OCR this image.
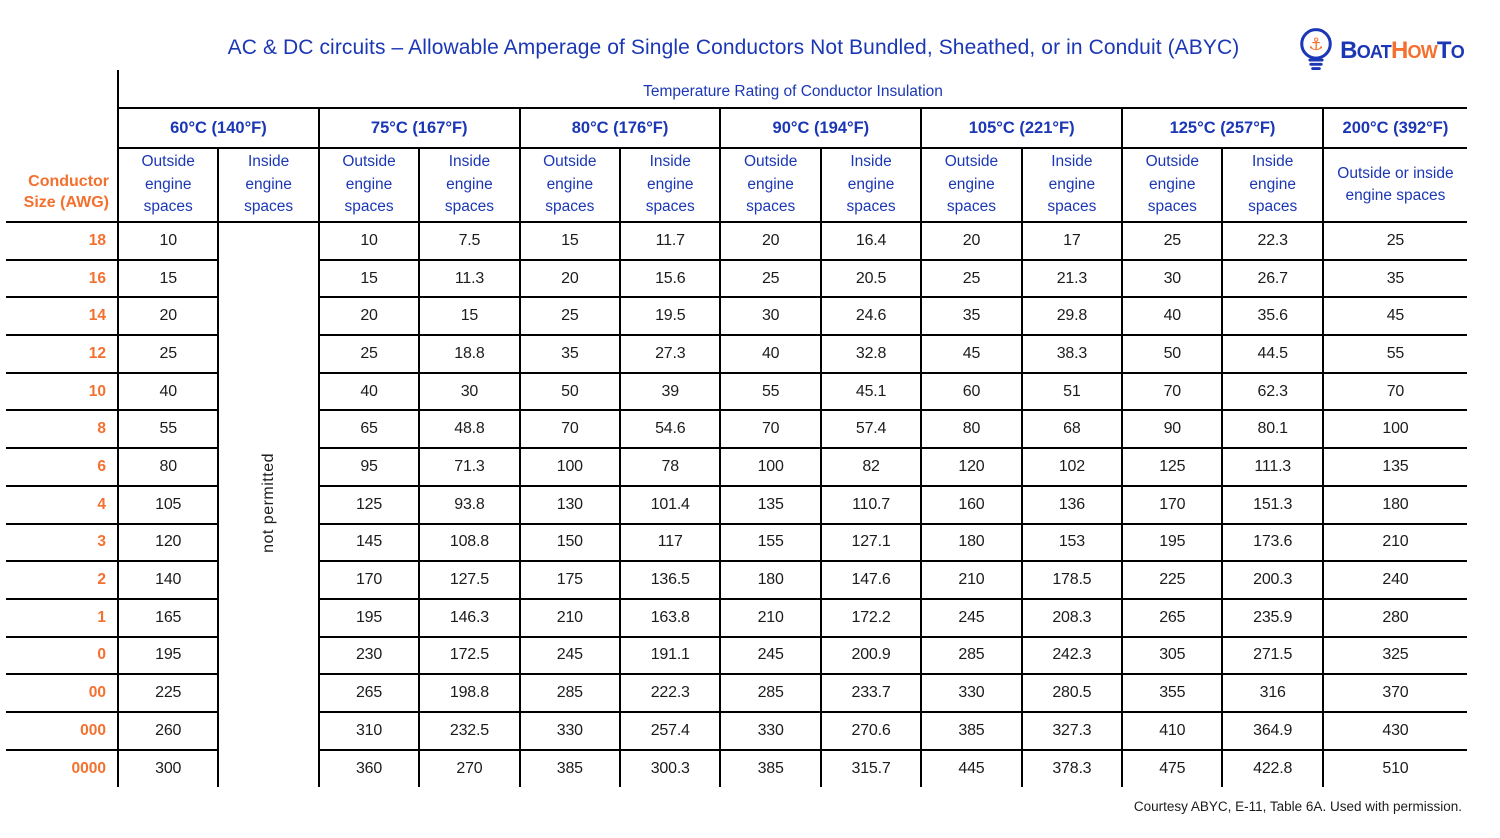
AC & DC circuits – Allowable Amperage of Single Conductors Not Bundled, Sheathed, or in Conduit (ABYC)	⚓ BOAT HOW TO
	Temperature Rating of Conductor Insulation												
	60°C (140°F)		75°C (167°F)		80°C (176°F)		90°C (194°F)		105°C (221°F)		125°C (257°F)		200°C (392°F)

Conductor
Size (AWG)	Outside engine spaces	Inside engine spaces	Outside engine spaces	Inside engine spaces	Outside engine spaces	Inside engine spaces	Outside engine spaces	Inside engine spaces	Outside engine spaces	Inside engine spaces	Outside engine spaces	Inside engine spaces	Outside or inside engine spaces
18	10	not permitted	10	7.5	15	11.7	20	16.4	20	17	25	22.3	25
16	15		15	11.3	20	15.6	25	20.5	25	21.3	30	26.7	35
14	20		20	15	25	19.5	30	24.6	35	29.8	40	35.6	45
12	25		25	18.8	35	27.3	40	32.8	45	38.3	50	44.5	55
10	40		40	30	50	39	55	45.1	60	51	70	62.3	70
8	55		65	48.8	70	54.6	70	57.4	80	68	90	80.1	100
6	80		95	71.3	100	78	100	82	120	102	125	111.3	135
4	105		125	93.8	130	101.4	135	110.7	160	136	170	151.3	180
3	120		145	108.8	150	117	155	127.1	180	153	195	173.6	210
2	140		170	127.5	175	136.5	180	147.6	210	178.5	225	200.3	240
1	165		195	146.3	210	163.8	210	172.2	245	208.3	265	235.9	280
0	195		230	172.5	245	191.1	245	200.9	285	242.3	305	271.5	325
00	225		265	198.8	285	222.3	285	233.7	330	280.5	355	316	370
000	260		310	232.5	330	257.4	330	270.6	385	327.3	410	364.9	430
0000	300		360	270	385	300.3	385	315.7	445	378.3	475	422.8	510
Courtesy ABYC, E-11, Table 6A. Used with permission.
